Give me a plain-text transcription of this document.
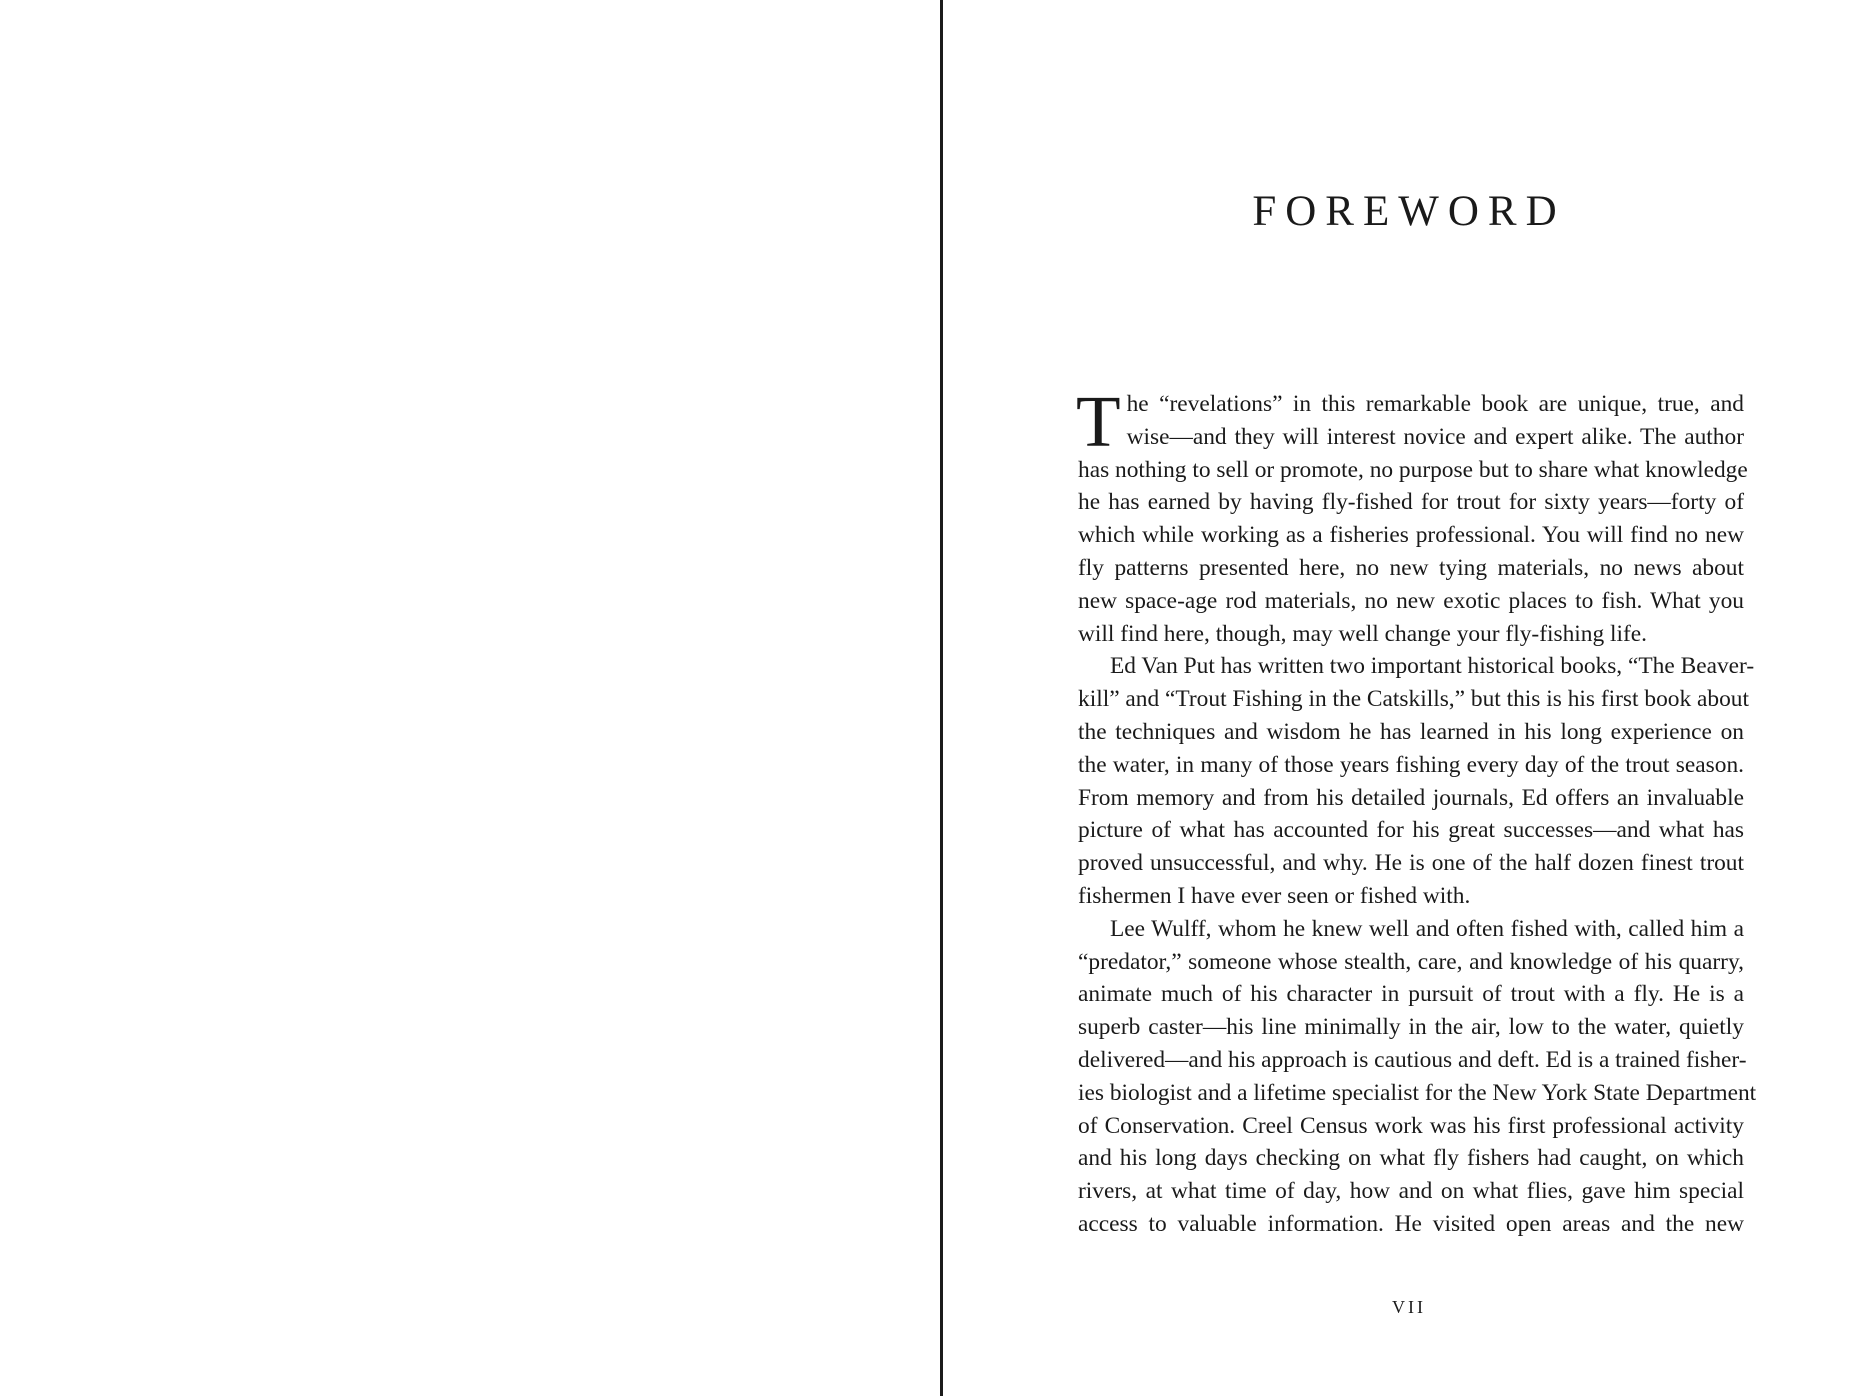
FOREWORD
T he “revelations” in this remarkable book are unique, true, and
wise—and they will interest novice and expert alike. The author
has nothing to sell or promote, no purpose but to share what knowledge
he has earned by having fly-fished for trout for sixty years—forty of
which while working as a fisheries professional. You will find no new
fly patterns presented here, no new tying materials, no news about
new space-age rod materials, no new exotic places to fish. What you
will find here, though, may well change your fly-fishing life.
Ed Van Put has written two important historical books, “The Beaver-
kill” and “Trout Fishing in the Catskills,” but this is his first book about
the techniques and wisdom he has learned in his long experience on
the water, in many of those years fishing every day of the trout season.
From memory and from his detailed journals, Ed offers an invaluable
picture of what has accounted for his great successes—and what has
proved unsuccessful, and why. He is one of the half dozen finest trout
fishermen I have ever seen or fished with.
Lee Wulff, whom he knew well and often fished with, called him a
“predator,” someone whose stealth, care, and knowledge of his quarry,
animate much of his character in pursuit of trout with a fly. He is a
superb caster—his line minimally in the air, low to the water, quietly
delivered—and his approach is cautious and deft. Ed is a trained fisher-
ies biologist and a lifetime specialist for the New York State Department
of Conservation. Creel Census work was his first professional activity
and his long days checking on what fly fishers had caught, on which
rivers, at what time of day, how and on what flies, gave him special
access to valuable information. He visited open areas and the new
VII
